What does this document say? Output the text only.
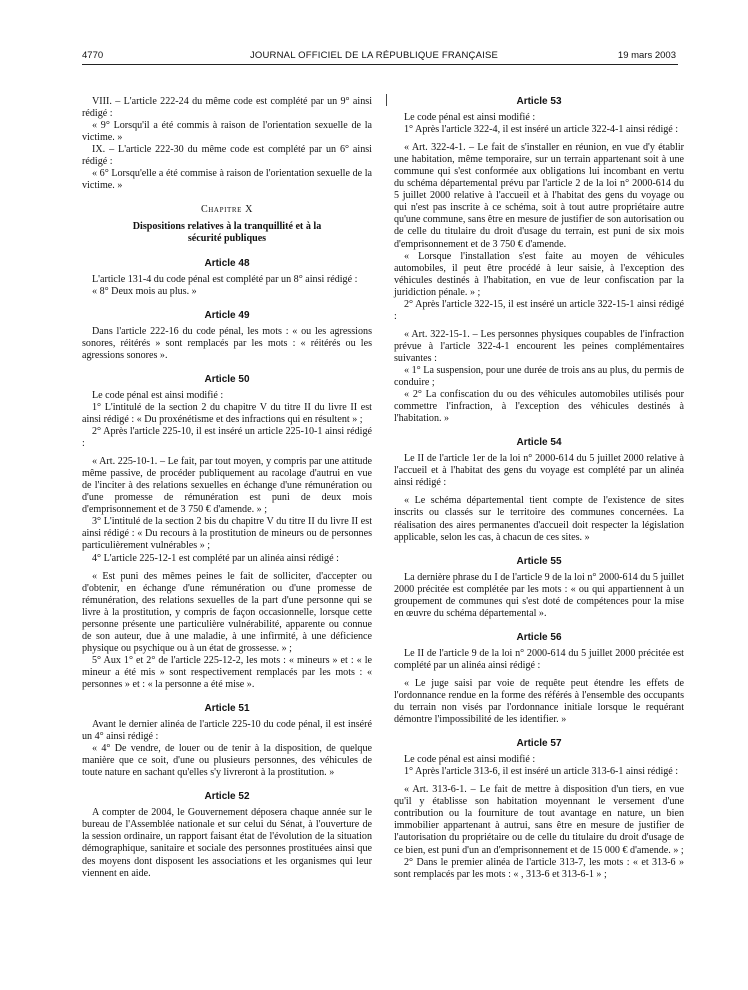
4770	JOURNAL OFFICIEL DE LA RÉPUBLIQUE FRANÇAISE	19 mars 2003

VIII. – L'article 222-24 du même code est complété par un 9° ainsi rédigé :

« 9° Lorsqu'il a été commis à raison de l'orientation sexuelle de la victime. »

IX. – L'article 222-30 du même code est complété par un 6° ainsi rédigé :

« 6° Lorsqu'elle a été commise à raison de l'orientation sexuelle de la victime. »

Chapitre X

Dispositions relatives à la tranquillité et à la sécurité publiques

Article 48

L'article 131-4 du code pénal est complété par un 8° ainsi rédigé :

« 8° Deux mois au plus. »

Article 49

Dans l'article 222-16 du code pénal, les mots : « ou les agressions sonores, réitérés » sont remplacés par les mots : « réitérés ou les agressions sonores ».

Article 50

Le code pénal est ainsi modifié :

1° L'intitulé de la section 2 du chapitre V du titre II du livre II est ainsi rédigé : « Du proxénétisme et des infractions qui en résultent » ;

2° Après l'article 225-10, il est inséré un article 225-10-1 ainsi rédigé :

« Art. 225-10-1. – Le fait, par tout moyen, y compris par une attitude même passive, de procéder publiquement au racolage d'autrui en vue de l'inciter à des relations sexuelles en échange d'une rémunération ou d'une promesse de rémunération est puni de deux mois d'emprisonnement et de 3 750 € d'amende. » ;

3° L'intitulé de la section 2 bis du chapitre V du titre II du livre II est ainsi rédigé : « Du recours à la prostitution de mineurs ou de personnes particulièrement vulnérables » ;

4° L'article 225-12-1 est complété par un alinéa ainsi rédigé :

« Est puni des mêmes peines le fait de solliciter, d'accepter ou d'obtenir, en échange d'une rémunération ou d'une promesse de rémunération, des relations sexuelles de la part d'une personne qui se livre à la prostitution, y compris de façon occasionnelle, lorsque cette personne présente une particulière vulnérabilité, apparente ou connue de son auteur, due à une maladie, à une infirmité, à une déficience physique ou psychique ou à un état de grossesse. » ;

5° Aux 1° et 2° de l'article 225-12-2, les mots : « mineurs » et : « le mineur a été mis » sont respectivement remplacés par les mots : « personnes » et : « la personne a été mise ».

Article 51

Avant le dernier alinéa de l'article 225-10 du code pénal, il est inséré un 4° ainsi rédigé :

« 4° De vendre, de louer ou de tenir à la disposition, de quelque manière que ce soit, d'une ou plusieurs personnes, des véhicules de toute nature en sachant qu'elles s'y livreront à la prostitution. »

Article 52

A compter de 2004, le Gouvernement déposera chaque année sur le bureau de l'Assemblée nationale et sur celui du Sénat, à l'ouverture de la session ordinaire, un rapport faisant état de l'évolution de la situation démographique, sanitaire et sociale des personnes prostituées ainsi que des moyens dont disposent les associations et les organismes qui leur viennent en aide.

Article 53

Le code pénal est ainsi modifié :

1° Après l'article 322-4, il est inséré un article 322-4-1 ainsi rédigé :

« Art. 322-4-1. – Le fait de s'installer en réunion, en vue d'y établir une habitation, même temporaire, sur un terrain appartenant soit à une commune qui s'est conformée aux obligations lui incombant en vertu du schéma départemental prévu par l'article 2 de la loi n° 2000-614 du 5 juillet 2000 relative à l'accueil et à l'habitat des gens du voyage ou qui n'est pas inscrite à ce schéma, soit à tout autre propriétaire autre qu'une commune, sans être en mesure de justifier de son autorisation ou de celle du titulaire du droit d'usage du terrain, est puni de six mois d'emprisonnement et de 3 750 € d'amende.

« Lorsque l'installation s'est faite au moyen de véhicules automobiles, il peut être procédé à leur saisie, à l'exception des véhicules destinés à l'habitation, en vue de leur confiscation par la juridiction pénale. » ;

2° Après l'article 322-15, il est inséré un article 322-15-1 ainsi rédigé :

« Art. 322-15-1. – Les personnes physiques coupables de l'infraction prévue à l'article 322-4-1 encourent les peines complémentaires suivantes :

« 1° La suspension, pour une durée de trois ans au plus, du permis de conduire ;

« 2° La confiscation du ou des véhicules automobiles utilisés pour commettre l'infraction, à l'exception des véhicules destinés à l'habitation. »

Article 54

Le II de l'article 1er de la loi n° 2000-614 du 5 juillet 2000 relative à l'accueil et à l'habitat des gens du voyage est complété par un alinéa ainsi rédigé :

« Le schéma départemental tient compte de l'existence de sites inscrits ou classés sur le territoire des communes concernées. La réalisation des aires permanentes d'accueil doit respecter la législation applicable, selon les cas, à chacun de ces sites. »

Article 55

La dernière phrase du I de l'article 9 de la loi n° 2000-614 du 5 juillet 2000 précitée est complétée par les mots : « ou qui appartiennent à un groupement de communes qui s'est doté de compétences pour la mise en œuvre du schéma départemental ».

Article 56

Le II de l'article 9 de la loi n° 2000-614 du 5 juillet 2000 précitée est complété par un alinéa ainsi rédigé :

« Le juge saisi par voie de requête peut étendre les effets de l'ordonnance rendue en la forme des référés à l'ensemble des occupants du terrain non visés par l'ordonnance initiale lorsque le requérant démontre l'impossibilité de les identifier. »

Article 57

Le code pénal est ainsi modifié :

1° Après l'article 313-6, il est inséré un article 313-6-1 ainsi rédigé :

« Art. 313-6-1. – Le fait de mettre à disposition d'un tiers, en vue qu'il y établisse son habitation moyennant le versement d'une contribution ou la fourniture de tout avantage en nature, un bien immobilier appartenant à autrui, sans être en mesure de justifier de l'autorisation du propriétaire ou de celle du titulaire du droit d'usage de ce bien, est puni d'un an d'emprisonnement et de 15 000 € d'amende. » ;

2° Dans le premier alinéa de l'article 313-7, les mots : « et 313-6 » sont remplacés par les mots : « , 313-6 et 313-6-1 » ;
